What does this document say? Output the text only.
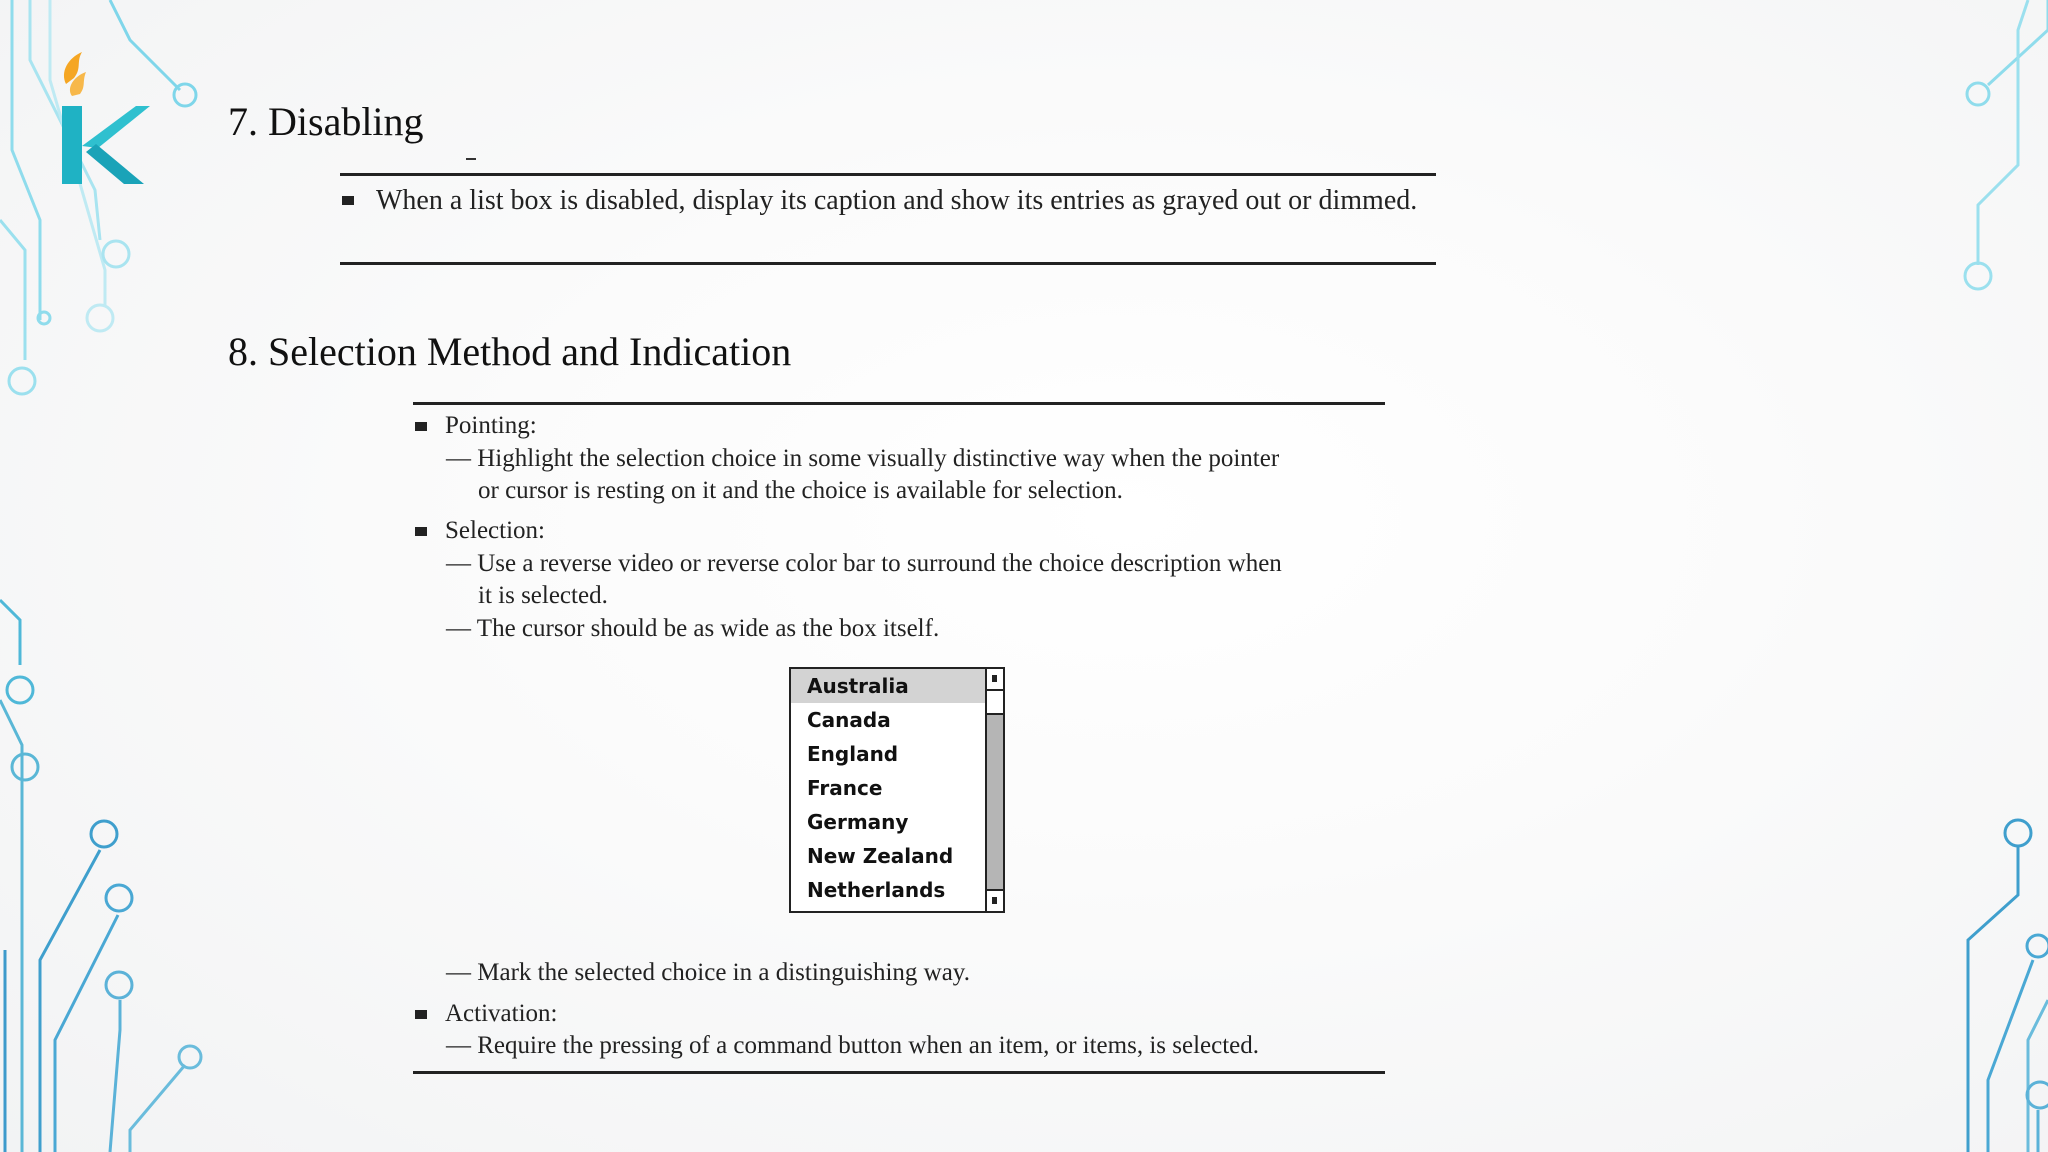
7. Disabling
When a list box is disabled, display its caption and show its entries as grayed out or dimmed.
8. Selection Method and Indication
Pointing:
— Highlight the selection choice in some visually distinctive way when the pointer
or cursor is resting on it and the choice is available for selection.
Selection:
— Use a reverse video or reverse color bar to surround the choice description when
it is selected.
— The cursor should be as wide as the box itself.
Australia
Canada
England
France
Germany
New Zealand
Netherlands
— Mark the selected choice in a distinguishing way.
Activation:
— Require the pressing of a command button when an item, or items, is selected.
